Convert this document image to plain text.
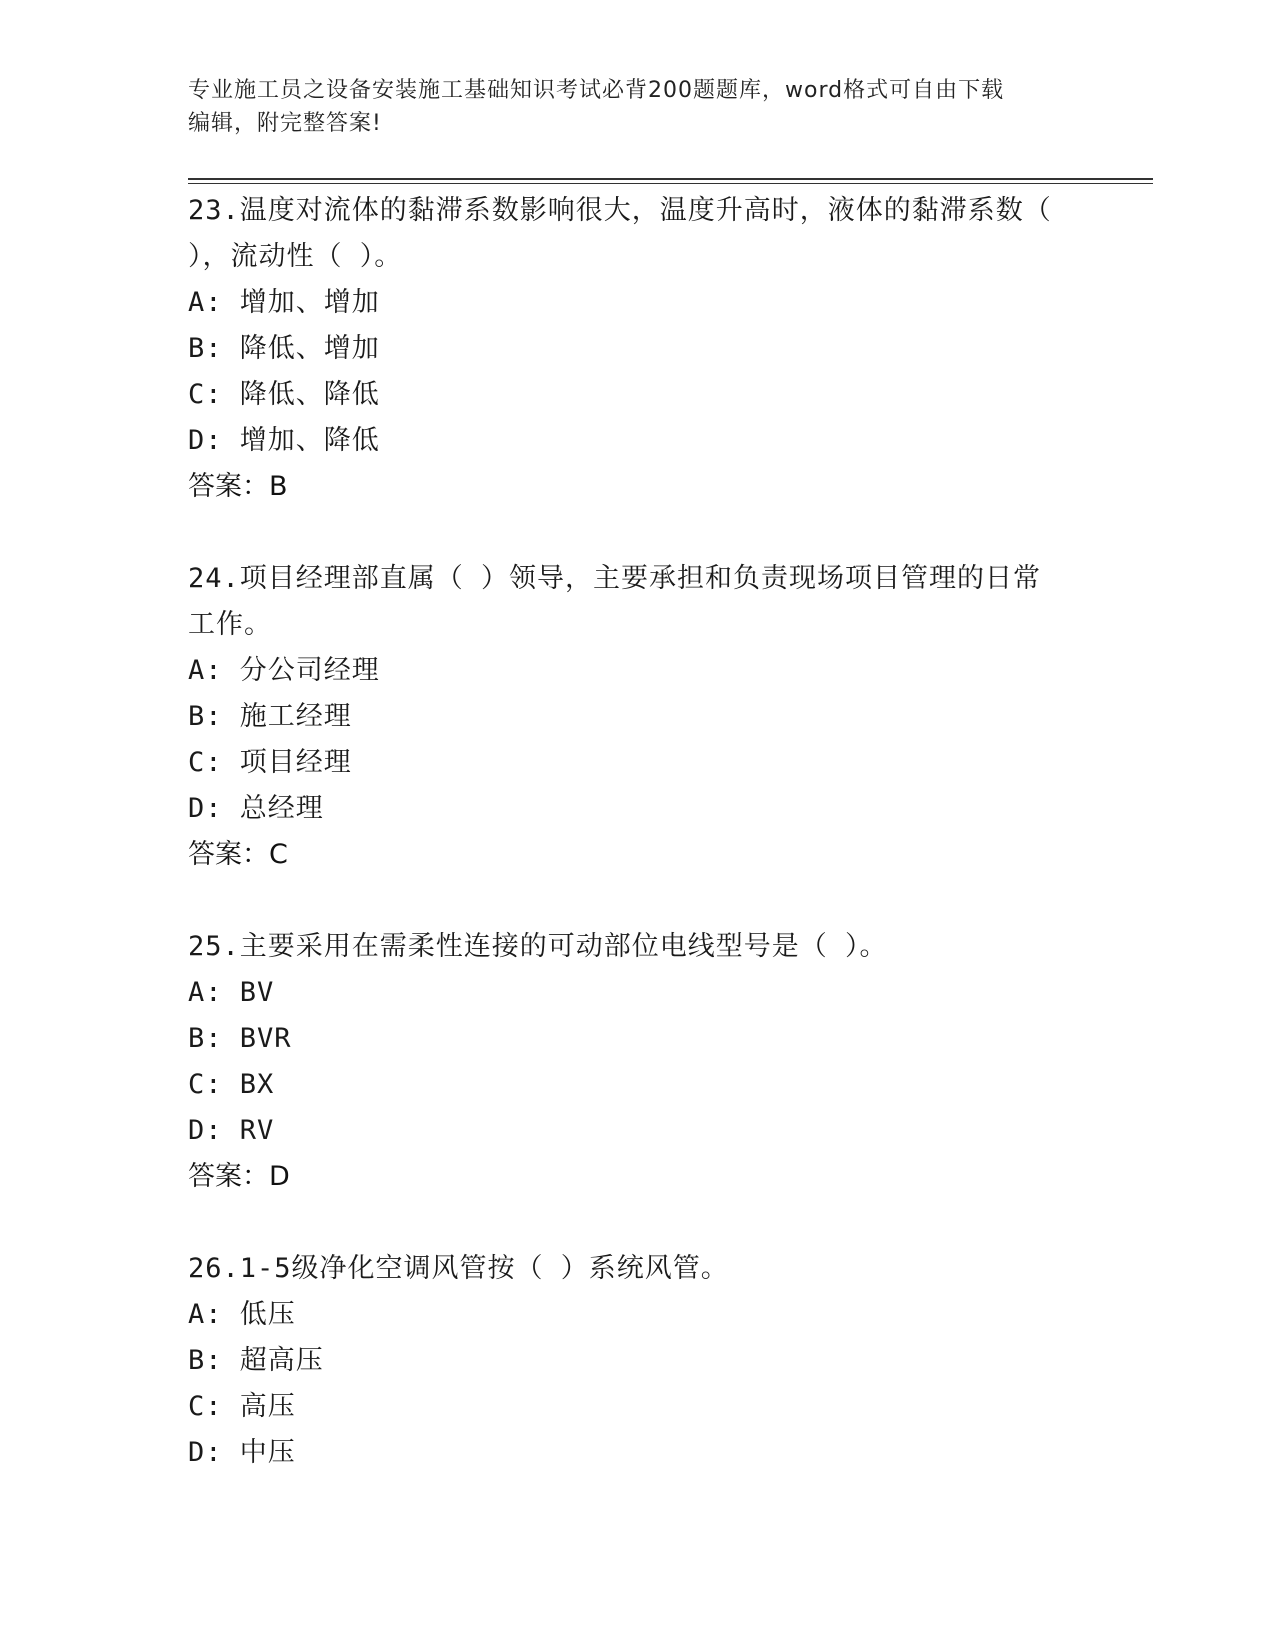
专业施工员之设备安装施工基础知识考试必背200题题库，word格式可自由下载
编辑，附完整答案!

23.温度对流体的黏滞系数影响很大，温度升高时，液体的黏滞系数（

），流动性（ ）。

A: 增加、增加

B: 降低、增加

C: 降低、降低

D: 增加、降低

答案：B

24.项目经理部直属（ ）领导，主要承担和负责现场项目管理的日常

工作。

A: 分公司经理

B: 施工经理

C: 项目经理

D: 总经理

答案：C

25.主要采用在需柔性连接的可动部位电线型号是（ ）。

A: BV

B: BVR

C: BX

D: RV

答案：D

26.1-5级净化空调风管按（ ）系统风管。

A: 低压

B: 超高压

C: 高压

D: 中压
